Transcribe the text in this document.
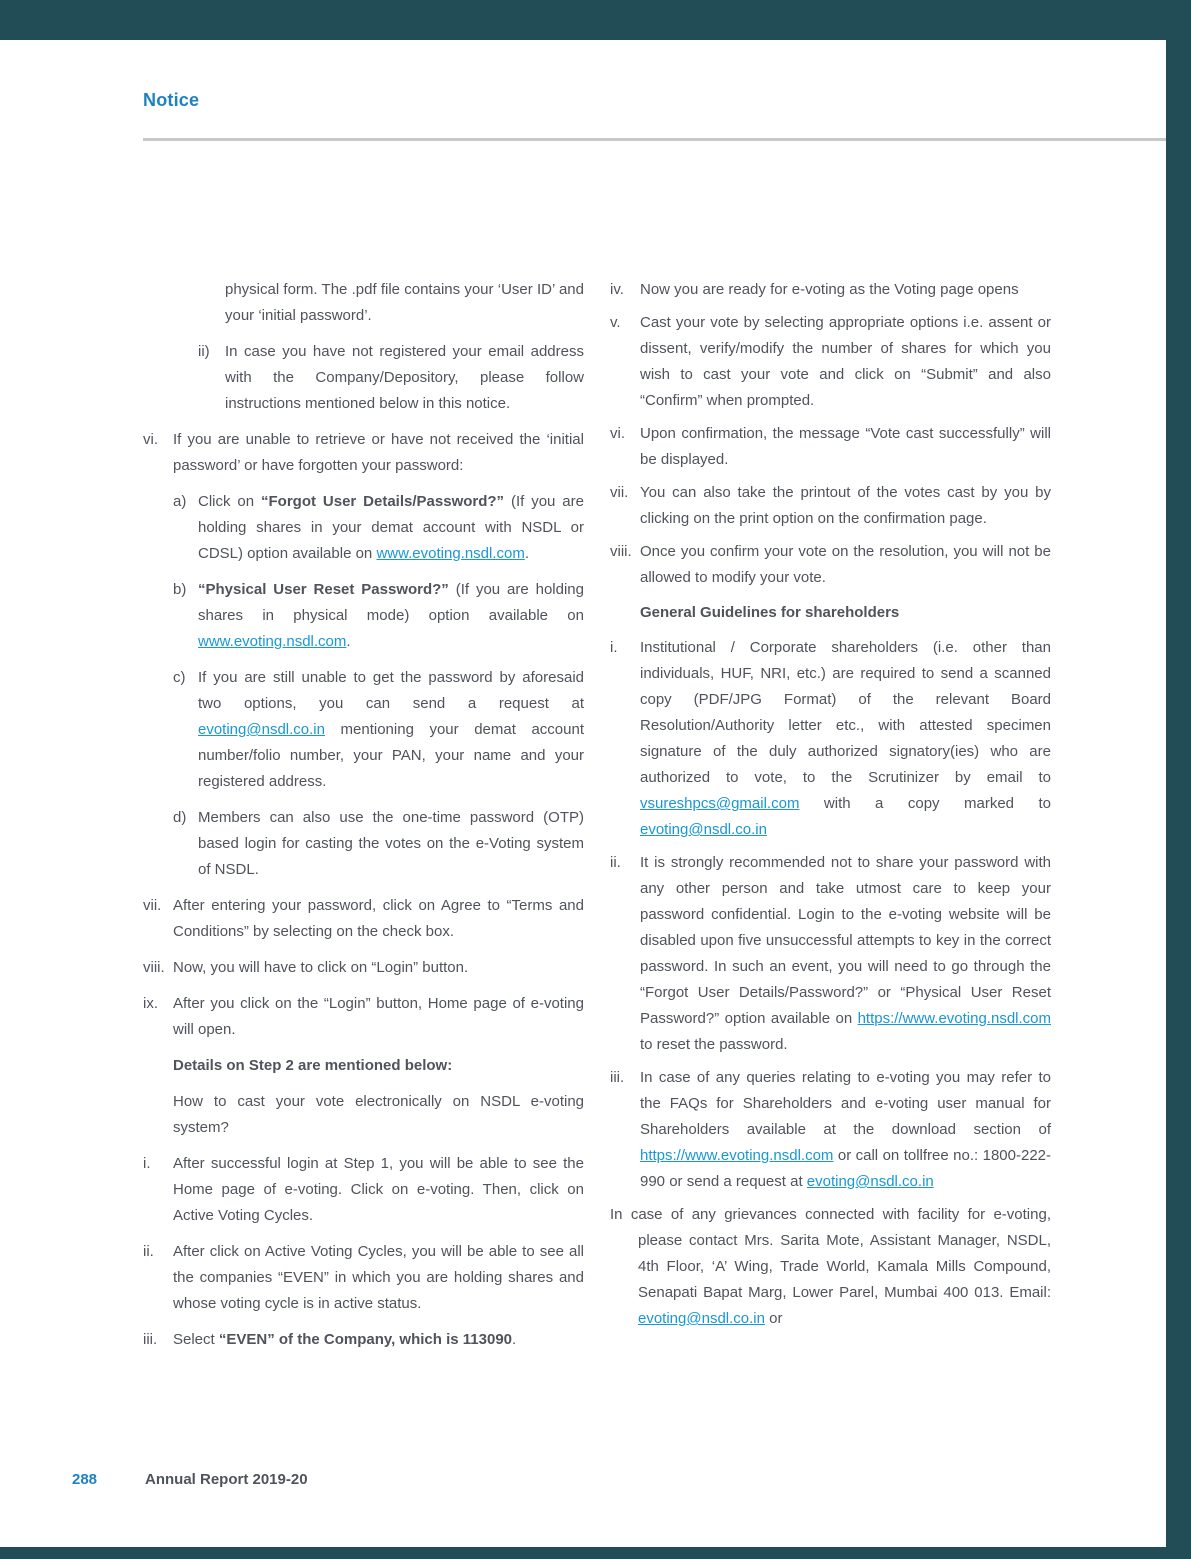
Notice
physical form. The .pdf file contains your ‘User ID’ and your ‘initial password’.
ii) In case you have not registered your email address with the Company/Depository, please follow instructions mentioned below in this notice.
vi. If you are unable to retrieve or have not received the ‘initial password’ or have forgotten your password:
a) Click on “Forgot User Details/Password?” (If you are holding shares in your demat account with NSDL or CDSL) option available on www.evoting.nsdl.com.
b) “Physical User Reset Password?” (If you are holding shares in physical mode) option available on www.evoting.nsdl.com.
c) If you are still unable to get the password by aforesaid two options, you can send a request at evoting@nsdl.co.in mentioning your demat account number/folio number, your PAN, your name and your registered address.
d) Members can also use the one-time password (OTP) based login for casting the votes on the e-Voting system of NSDL.
vii. After entering your password, click on Agree to “Terms and Conditions” by selecting on the check box.
viii. Now, you will have to click on “Login” button.
ix. After you click on the “Login” button, Home page of e-voting will open.
Details on Step 2 are mentioned below:
How to cast your vote electronically on NSDL e-voting system?
i. After successful login at Step 1, you will be able to see the Home page of e-voting. Click on e-voting. Then, click on Active Voting Cycles.
ii. After click on Active Voting Cycles, you will be able to see all the companies “EVEN” in which you are holding shares and whose voting cycle is in active status.
iii. Select “EVEN” of the Company, which is 113090.
iv. Now you are ready for e-voting as the Voting page opens
v. Cast your vote by selecting appropriate options i.e. assent or dissent, verify/modify the number of shares for which you wish to cast your vote and click on “Submit” and also “Confirm” when prompted.
vi. Upon confirmation, the message “Vote cast successfully” will be displayed.
vii. You can also take the printout of the votes cast by you by clicking on the print option on the confirmation page.
viii. Once you confirm your vote on the resolution, you will not be allowed to modify your vote.
General Guidelines for shareholders
i. Institutional / Corporate shareholders (i.e. other than individuals, HUF, NRI, etc.) are required to send a scanned copy (PDF/JPG Format) of the relevant Board Resolution/Authority letter etc., with attested specimen signature of the duly authorized signatory(ies) who are authorized to vote, to the Scrutinizer by email to vsureshpcs@gmail.com with a copy marked to evoting@nsdl.co.in
ii. It is strongly recommended not to share your password with any other person and take utmost care to keep your password confidential. Login to the e-voting website will be disabled upon five unsuccessful attempts to key in the correct password. In such an event, you will need to go through the “Forgot User Details/Password?” or “Physical User Reset Password?” option available on https://www.evoting.nsdl.com to reset the password.
iii. In case of any queries relating to e-voting you may refer to the FAQs for Shareholders and e-voting user manual for Shareholders available at the download section of https://www.evoting.nsdl.com or call on tollfree no.: 1800-222-990 or send a request at evoting@nsdl.co.in
In case of any grievances connected with facility for e-voting, please contact Mrs. Sarita Mote, Assistant Manager, NSDL, 4th Floor, ‘A’ Wing, Trade World, Kamala Mills Compound, Senapati Bapat Marg, Lower Parel, Mumbai 400 013. Email: evoting@nsdl.co.in or
288	Annual Report 2019-20
